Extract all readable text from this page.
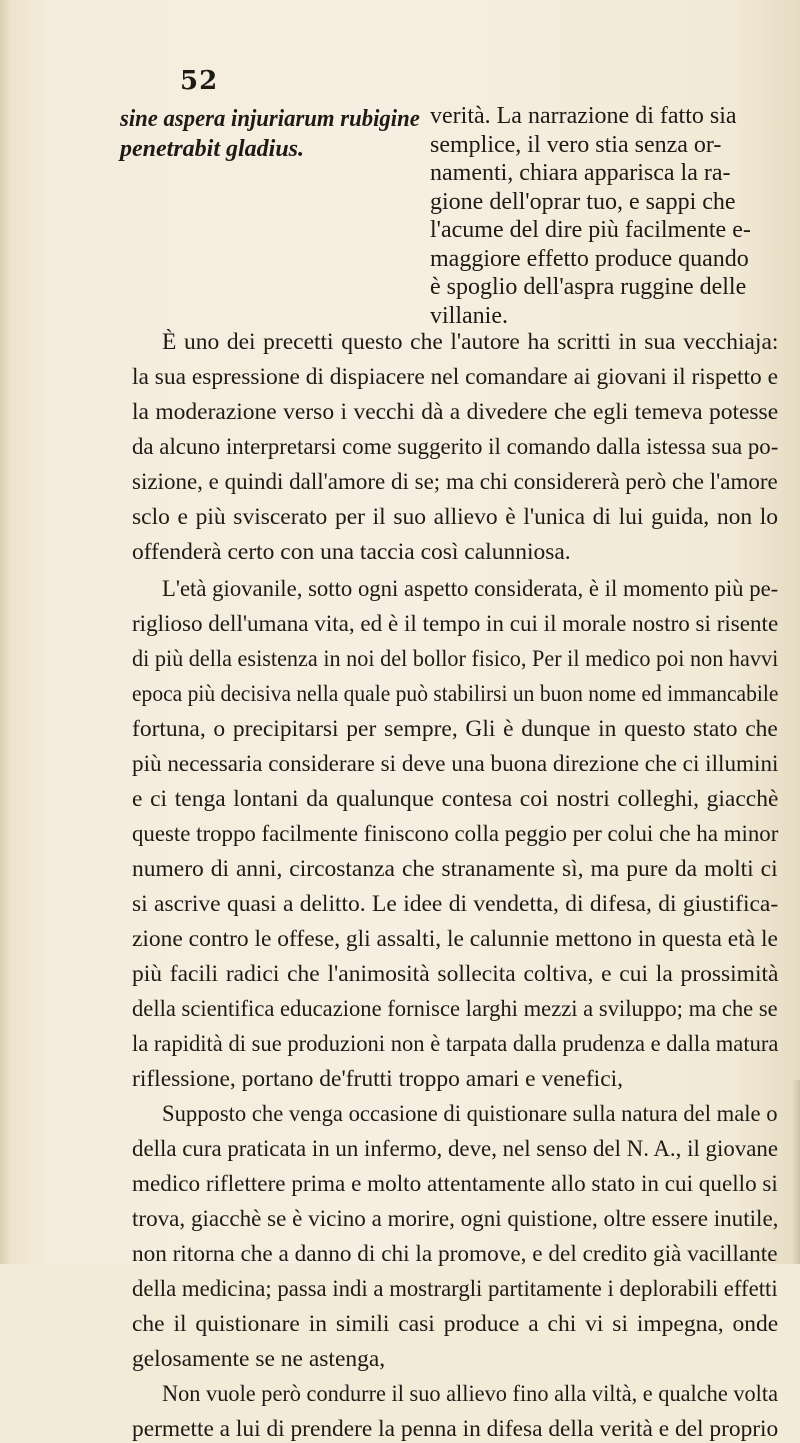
52
sine aspera injuriarum rubigine
penetrabit gladius.
verità. La narrazione di fatto sia
semplice, il vero stia senza or-
namenti, chiara apparisca la ra-
gione dell'oprar tuo, e sappi che
l'acume del dire più facilmente e-
maggiore effetto produce quando
è spoglio dell'aspra ruggine delle
villanie.
È uno dei precetti questo che l'autore ha scritti in sua vecchiaja:
la sua espressione di dispiacere nel comandare ai giovani il rispetto e
la moderazione verso i vecchi dà a divedere che egli temeva potesse
da alcuno interpretarsi come suggerito il comando dalla istessa sua po-
sizione, e quindi dall'amore di se; ma chi considererà però che l'amore
sclo e più sviscerato per il suo allievo è l'unica di lui guida, non lo
offenderà certo con una taccia così calunniosa.
L'età giovanile, sotto ogni aspetto considerata, è il momento più pe-
riglioso dell'umana vita, ed è il tempo in cui il morale nostro si risente
di più della esistenza in noi del bollor fisico, Per il medico poi non havvi
epoca più decisiva nella quale può stabilirsi un buon nome ed immancabile
fortuna, o precipitarsi per sempre, Gli è dunque in questo stato che
più necessaria considerare si deve una buona direzione che ci illumini
e ci tenga lontani da qualunque contesa coi nostri colleghi, giacchè
queste troppo facilmente finiscono colla peggio per colui che ha minor
numero di anni, circostanza che stranamente sì, ma pure da molti ci
si ascrive quasi a delitto. Le idee di vendetta, di difesa, di giustifica-
zione contro le offese, gli assalti, le calunnie mettono in questa età le
più facili radici che l'animosità sollecita coltiva, e cui la prossimità
della scientifica educazione fornisce larghi mezzi a sviluppo; ma che se
la rapidità di sue produzioni non è tarpata dalla prudenza e dalla matura
riflessione, portano de'frutti troppo amari e venefici,
Supposto che venga occasione di quistionare sulla natura del male o
della cura praticata in un infermo, deve, nel senso del N. A., il giovane
medico riflettere prima e molto attentamente allo stato in cui quello si
trova, giacchè se è vicino a morire, ogni quistione, oltre essere inutile,
non ritorna che a danno di chi la promove, e del credito già vacillante
della medicina; passa indi a mostrargli partitamente i deplorabili effetti
che il quistionare in simili casi produce a chi vi si impegna, onde
gelosamente se ne astenga,
Non vuole però condurre il suo allievo fino alla viltà, e qualche volta
permette a lui di prendere la penna in difesa della verità e del proprio
